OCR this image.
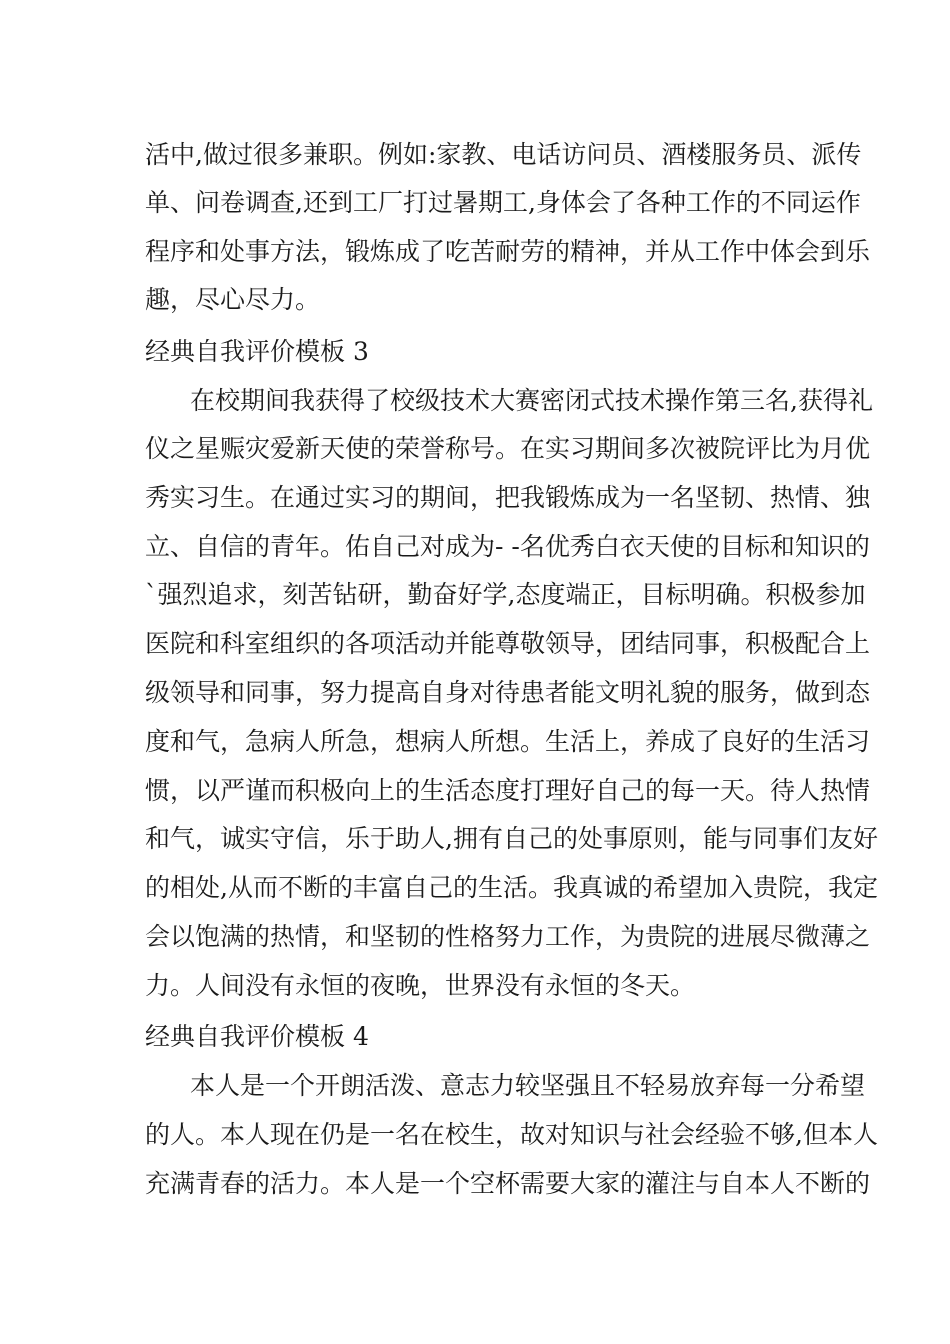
活中,做过很多兼职。例如:家教、电话访问员、酒楼服务员、派传
单、问卷调查,还到工厂打过暑期工,身体会了各种工作的不同运作
程序和处事方法，锻炼成了吃苦耐劳的精神，并从工作中体会到乐
趣，尽心尽力。
经典自我评价模板 3
在校期间我获得了校级技术大赛密闭式技术操作第三名,获得礼
仪之星赈灾爱新天使的荣誉称号。在实习期间多次被院评比为月优
秀实习生。在通过实习的期间，把我锻炼成为一名坚韧、热情、独
立、自信的青年。佑自己对成为- -名优秀白衣天使的目标和知识的
`强烈追求，刻苦钻研，勤奋好学,态度端正，目标明确。积极参加
医院和科室组织的各项活动并能尊敬领导，团结同事，积极配合上
级领导和同事，努力提高自身对待患者能文明礼貌的服务，做到态
度和气，急病人所急，想病人所想。生活上，养成了良好的生活习
惯，以严谨而积极向上的生活态度打理好自己的每一天。待人热情
和气，诚实守信，乐于助人,拥有自己的处事原则，能与同事们友好
的相处,从而不断的丰富自己的生活。我真诚的希望加入贵院，我定
会以饱满的热情，和坚韧的性格努力工作，为贵院的进展尽微薄之
力。人间没有永恒的夜晚，世界没有永恒的冬天。
经典自我评价模板 4
本人是一个开朗活泼、意志力较坚强且不轻易放弃每一分希望
的人。本人现在仍是一名在校生，故对知识与社会经验不够,但本人
充满青春的活力。本人是一个空杯需要大家的灌注与自本人不断的
